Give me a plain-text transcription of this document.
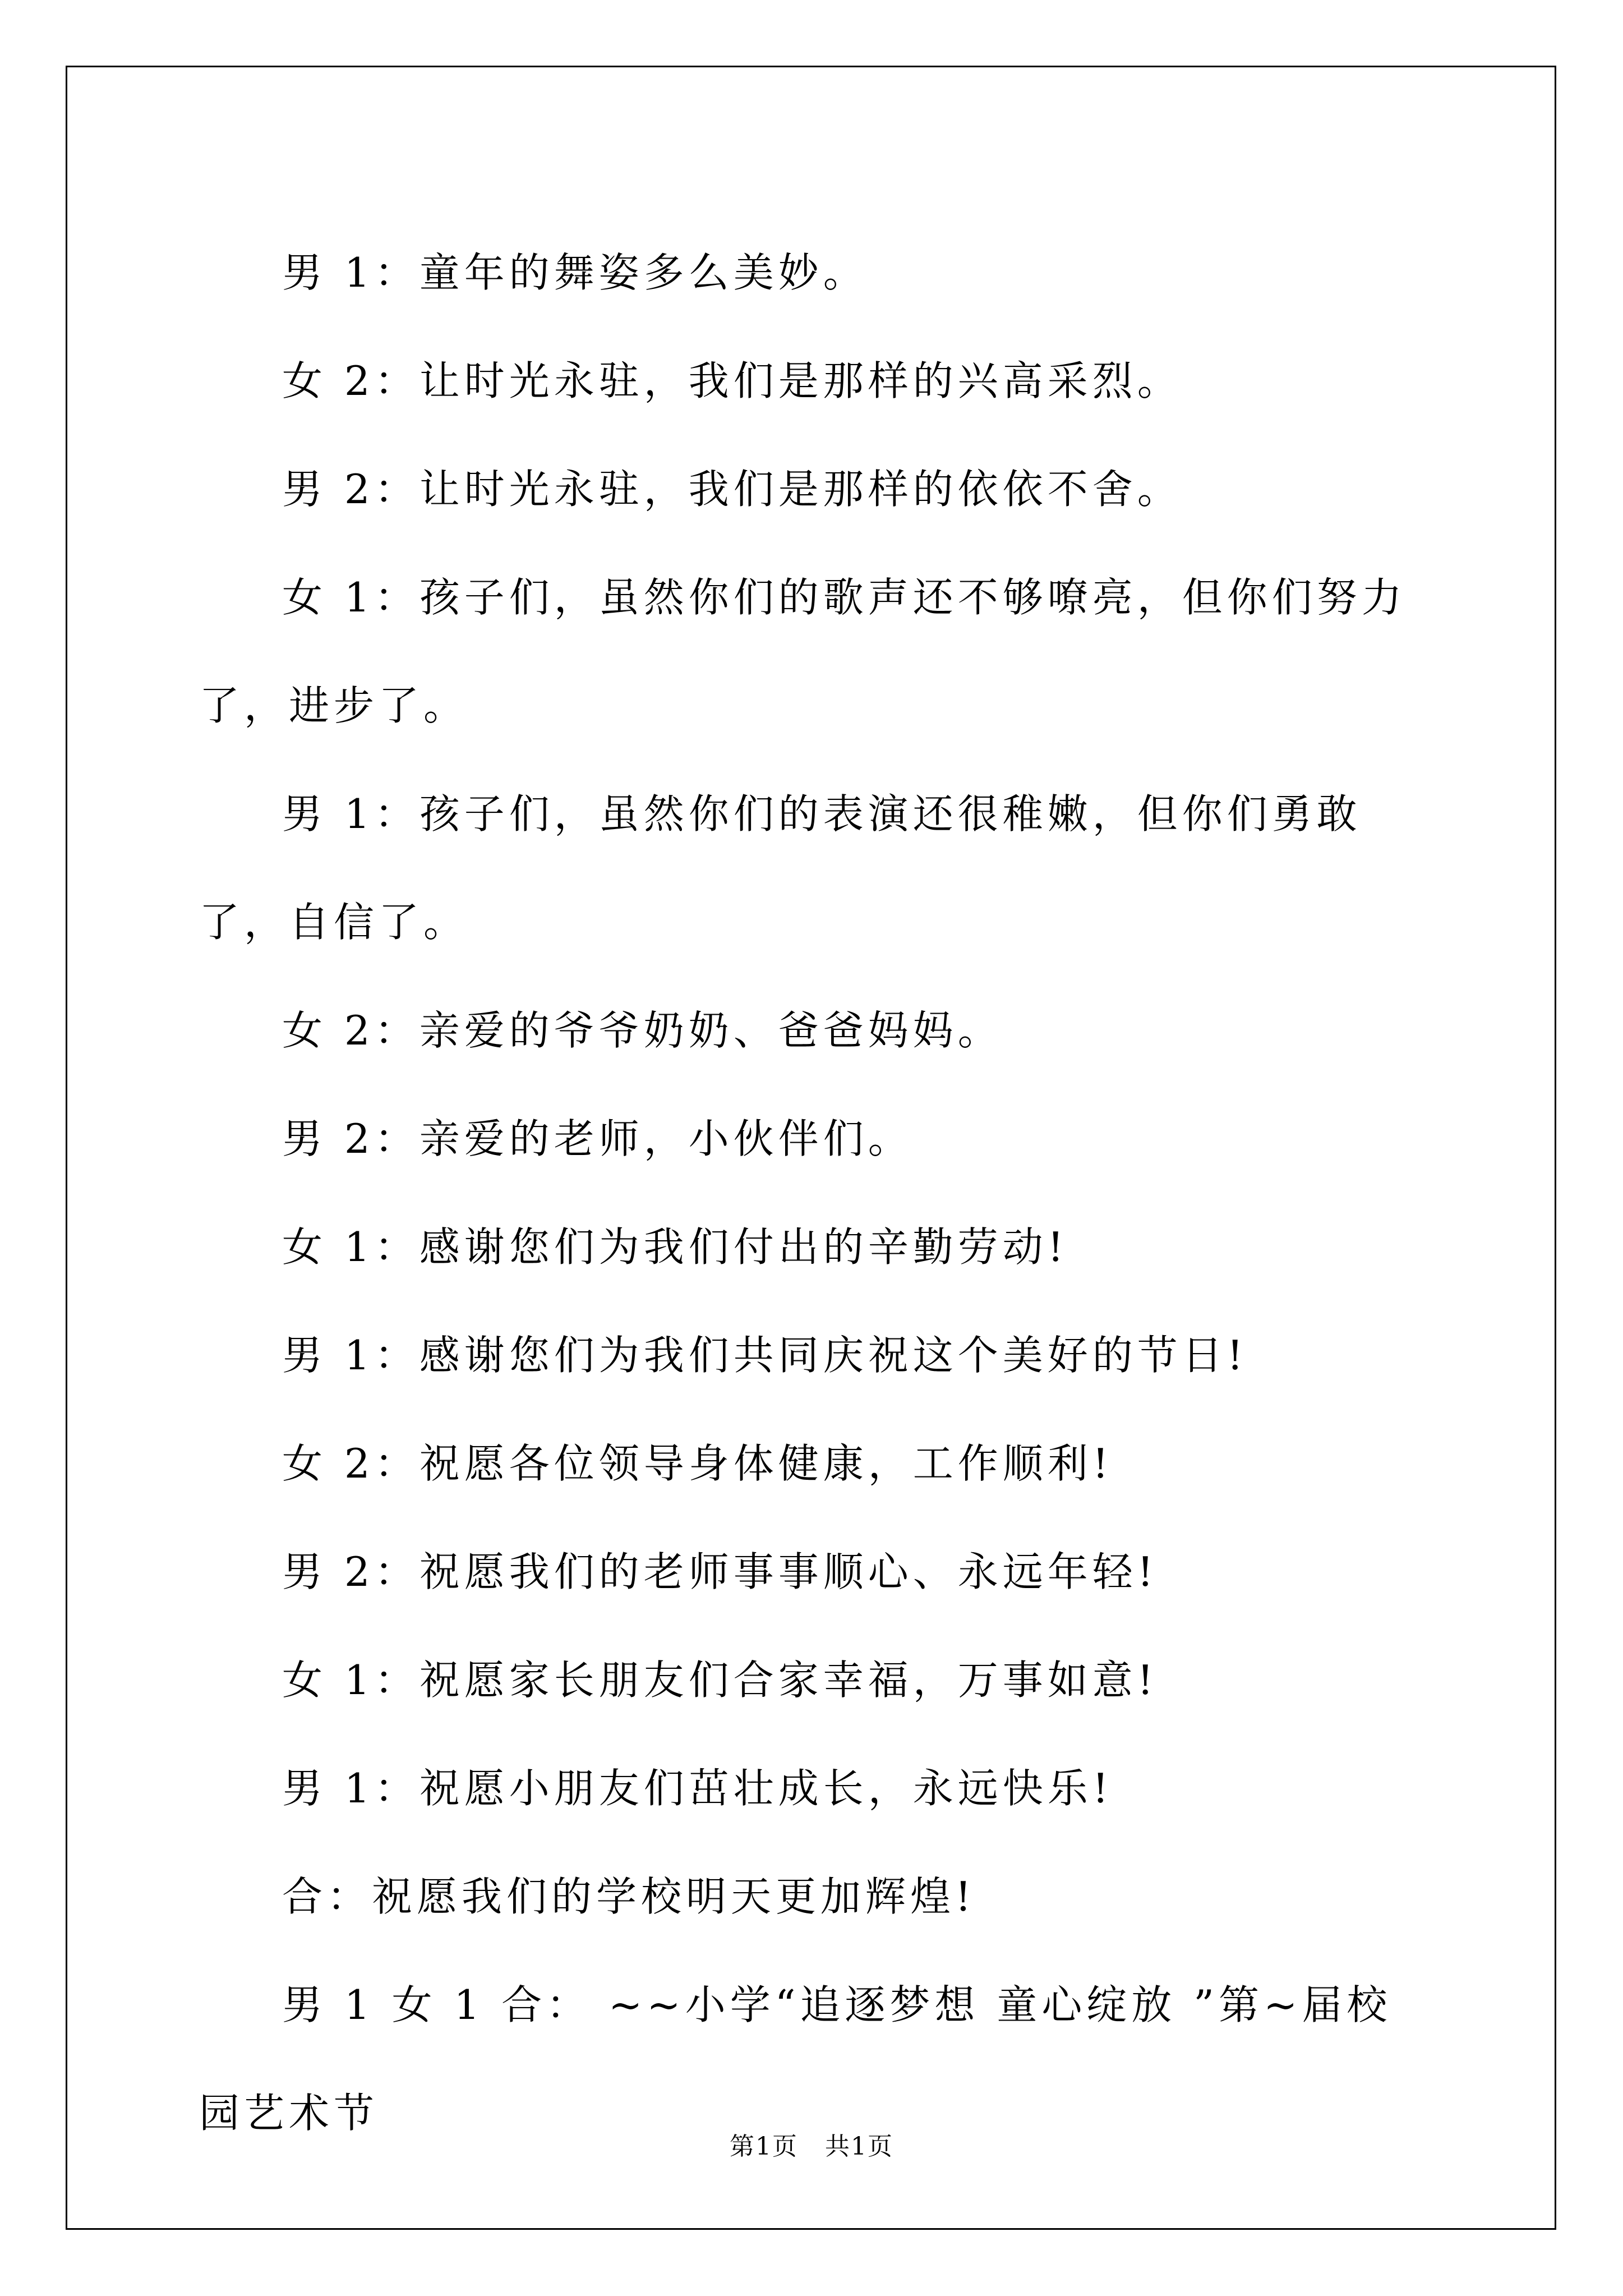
男 1：童年的舞姿多么美妙。

女 2：让时光永驻，我们是那样的兴高采烈。

男 2：让时光永驻，我们是那样的依依不舍。

女 1：孩子们，虽然你们的歌声还不够嘹亮，但你们努力了，进步了。

男 1：孩子们，虽然你们的表演还很稚嫩，但你们勇敢了，自信了。

女 2：亲爱的爷爷奶奶、爸爸妈妈。

男 2：亲爱的老师，小伙伴们。

女 1：感谢您们为我们付出的辛勤劳动!

男 1：感谢您们为我们共同庆祝这个美好的节日!

女 2：祝愿各位领导身体健康，工作顺利!

男 2：祝愿我们的老师事事顺心、永远年轻!

女 1：祝愿家长朋友们合家幸福，万事如意!

男 1：祝愿小朋友们茁壮成长，永远快乐!

合：祝愿我们的学校明天更加辉煌!

男 1 女 1 合： ~~小学“追逐梦想 童心绽放 ”第~届校园艺术节

第1页 共1页
